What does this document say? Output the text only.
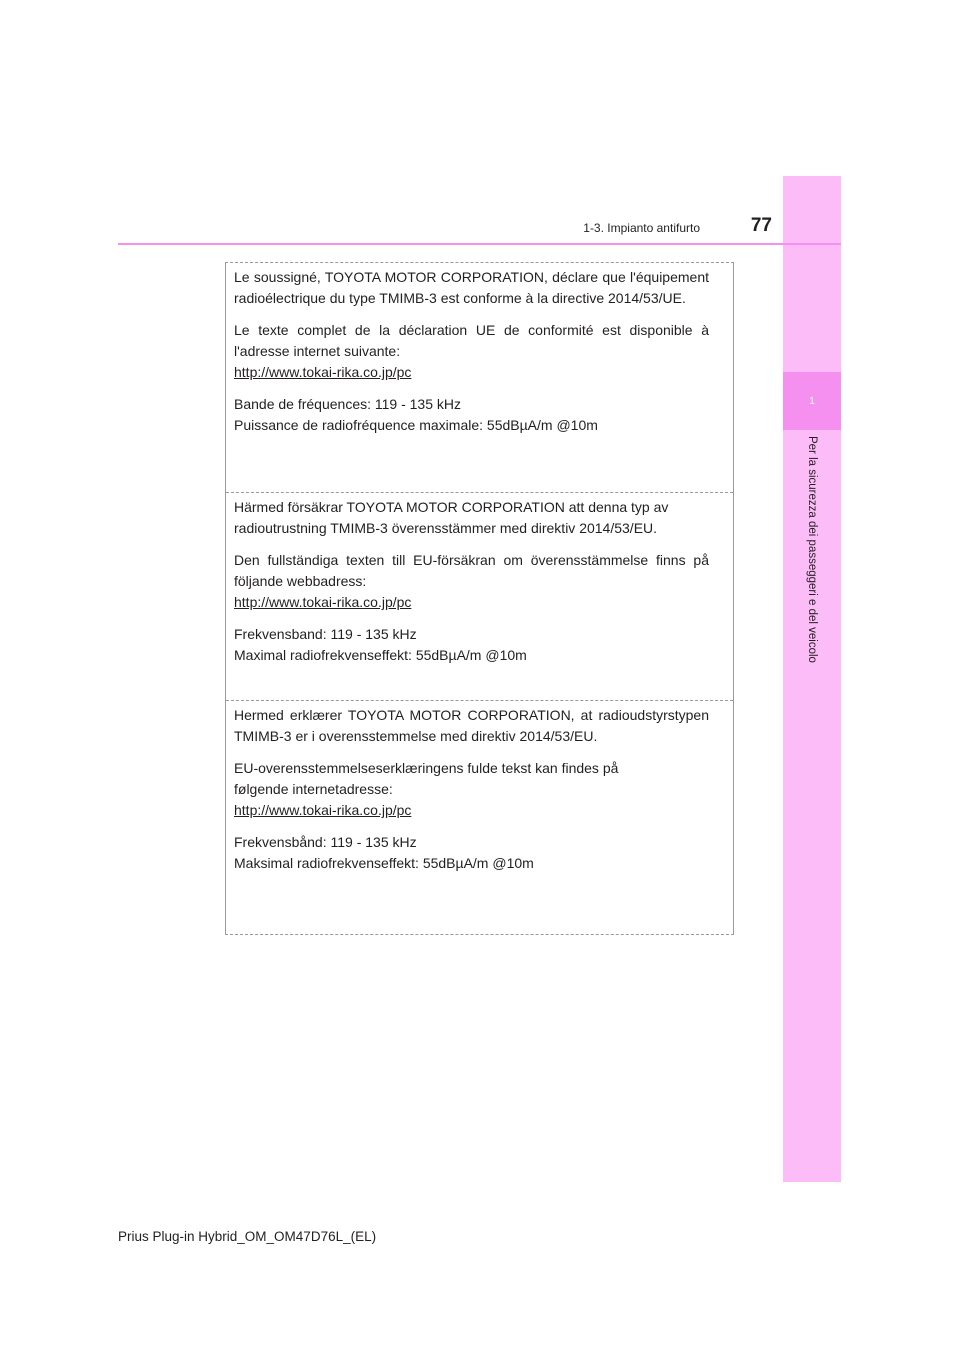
1
Per la sicurezza dei passeggeri e del veicolo
1-3. Impianto antifurto	77

Le soussigné, TOYOTA MOTOR CORPORATION, déclare que l'équipement radioélectrique du type TMIMB-3 est conforme à la directive 2014/53/UE.

Le texte complet de la déclaration UE de conformité est disponible à l'adresse internet suivante:
http://www.tokai-rika.co.jp/pc

Bande de fréquences: 119 - 135 kHz
Puissance de radiofréquence maximale: 55dBµA/m @10m

Härmed försäkrar TOYOTA MOTOR CORPORATION att denna typ av radioutrustning TMIMB-3 överensstämmer med direktiv 2014/53/EU.

Den fullständiga texten till EU-försäkran om överensstämmelse finns på följande webbadress:
http://www.tokai-rika.co.jp/pc

Frekvensband: 119 - 135 kHz
Maximal radiofrekvenseffekt: 55dBµA/m @10m

Hermed erklærer TOYOTA MOTOR CORPORATION, at radioudstyrstypen TMIMB-3 er i overensstemmelse med direktiv 2014/53/EU.

EU-overensstemmelseserklæringens fulde tekst kan findes på
følgende internetadresse:
http://www.tokai-rika.co.jp/pc

Frekvensbånd: 119 - 135 kHz
Maksimal radiofrekvenseffekt: 55dBµA/m @10m

Prius Plug-in Hybrid_OM_OM47D76L_(EL)
